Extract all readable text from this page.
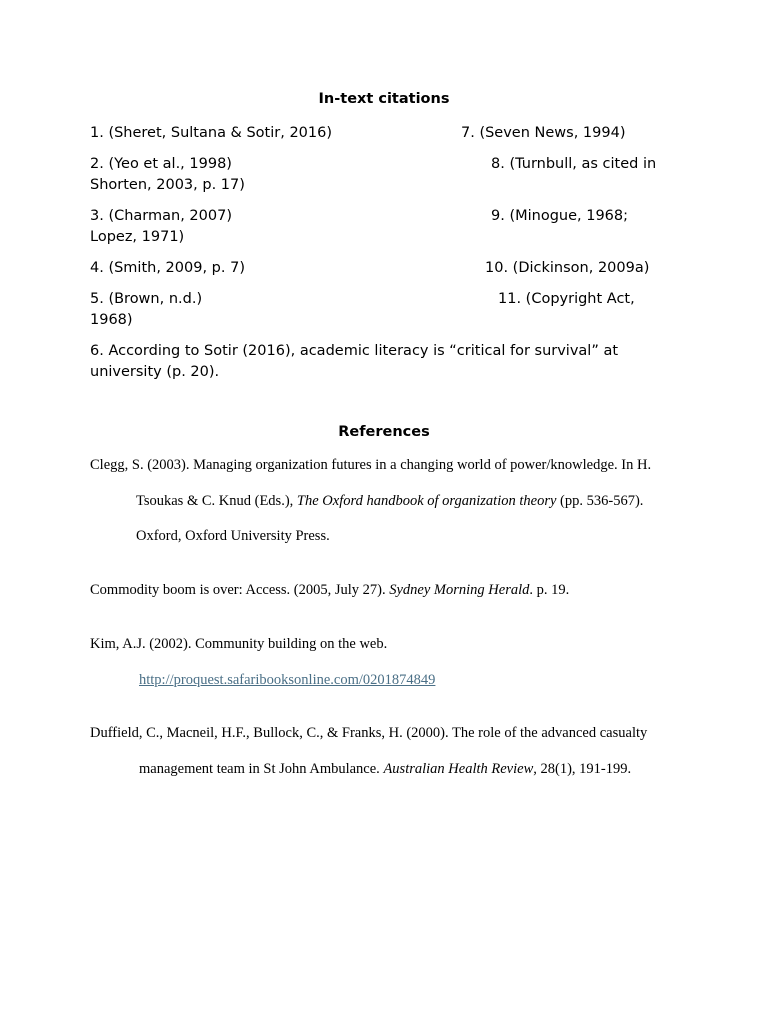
In-text citations
1. (Sheret, Sultana & Sotir, 2016)	7. (Seven News, 1994)
2. (Yeo et al., 1998)	8. (Turnbull, as cited in
Shorten, 2003, p. 17)
3. (Charman, 2007)	9. (Minogue, 1968;
Lopez, 1971)
4. (Smith, 2009, p. 7)	10. (Dickinson, 2009a)
5. (Brown, n.d.)	11. (Copyright Act,
1968)
6. According to Sotir (2016), academic literacy is “critical for survival” at university (p. 20).
References
Clegg, S. (2003). Managing organization futures in a changing world of power/knowledge. In H.
Tsoukas & C. Knud (Eds.), The Oxford handbook of organization theory (pp. 536-567).
Oxford, Oxford University Press.
Commodity boom is over: Access. (2005, July 27). Sydney Morning Herald. p. 19.
Kim, A.J. (2002). Community building on the web.
http://proquest.safaribooksonline.com/0201874849
Duffield, C., Macneil, H.F., Bullock, C., & Franks, H. (2000). The role of the advanced casualty
management team in St John Ambulance. Australian Health Review, 28(1), 191-199.
